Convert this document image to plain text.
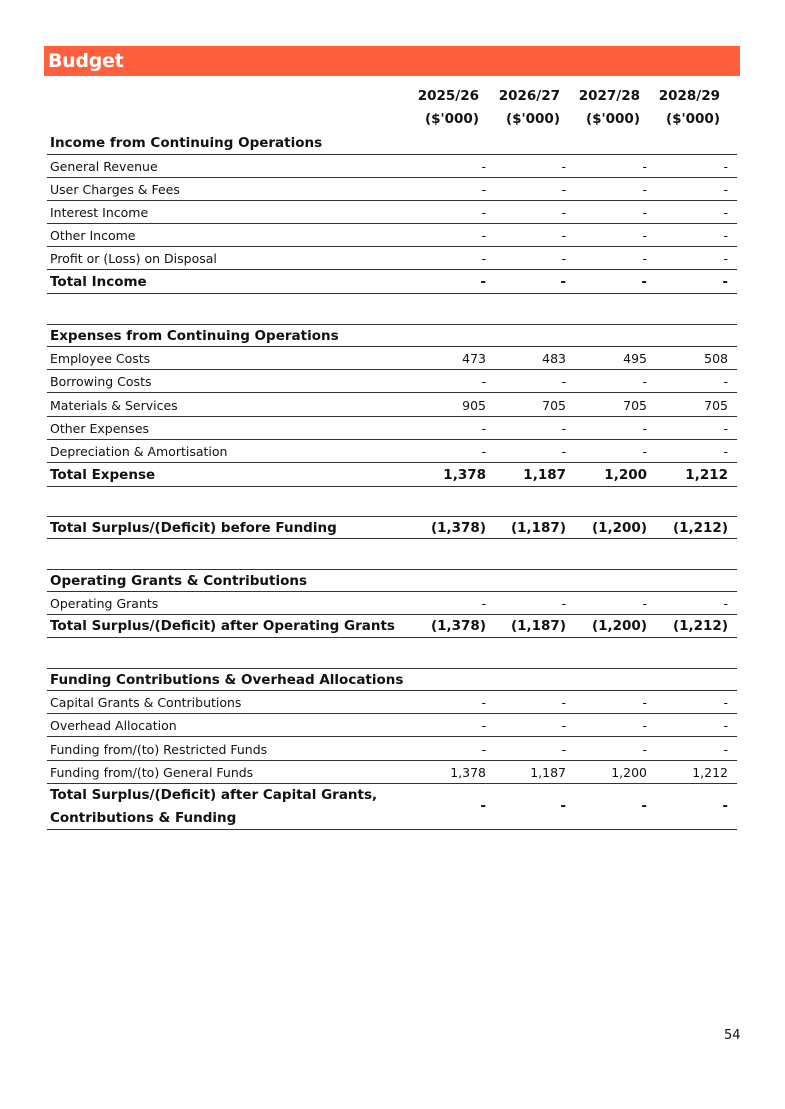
Budget
2025/26 2026/27 2027/28 2028/29
($'000) ($'000) ($'000) ($'000)
Income from Continuing Operations
General Revenue	-	-	-	-
User Charges & Fees	-	-	-	-
Interest Income	-	-	-	-
Other Income	-	-	-	-
Profit or (Loss) on Disposal	-	-	-	-
Total Income	-	-	-	-
Expenses from Continuing Operations
Employee Costs	473	483	495	508
Borrowing Costs	-	-	-	-
Materials & Services	905	705	705	705
Other Expenses	-	-	-	-
Depreciation & Amortisation	-	-	-	-
Total Expense	1,378	1,187	1,200	1,212
Total Surplus/(Deficit) before Funding	(1,378) (1,187) (1,200) (1,212)
Operating Grants & Contributions
Operating Grants	-	-	-	-
Total Surplus/(Deficit) after Operating Grants	(1,378) (1,187) (1,200) (1,212)
Funding Contributions & Overhead Allocations
Capital Grants & Contributions	-	-	-	-
Overhead Allocation	-	-	-	-
Funding from/(to) Restricted Funds	-	-	-	-
Funding from/(to) General Funds	1,378	1,187	1,200	1,212
Total Surplus/(Deficit) after Capital Grants,
Contributions & Funding
-	-	-	-
54
